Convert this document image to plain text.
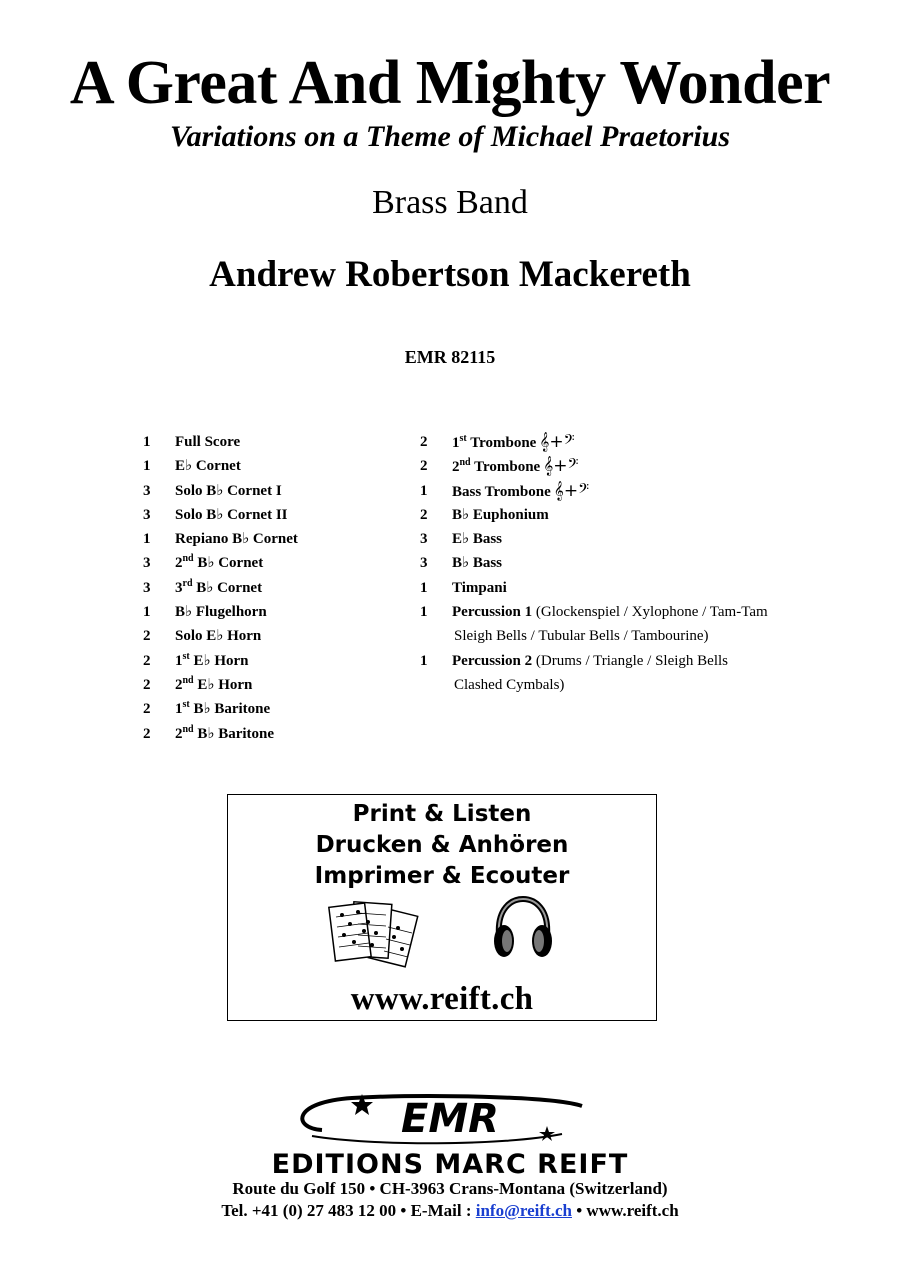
A Great And Mighty Wonder
Variations on a Theme of Michael Praetorius
Brass Band
Andrew Robertson Mackereth
EMR 82115
1 Full Score
1 E♭ Cornet
3 Solo B♭ Cornet I
3 Solo B♭ Cornet II
1 Repiano B♭ Cornet
3 2nd B♭ Cornet
3 3rd B♭ Cornet
1 B♭ Flugelhorn
2 Solo E♭ Horn
2 1st E♭ Horn
2 2nd E♭ Horn
2 1st B♭ Baritone
2 2nd B♭ Baritone
2 1st Trombone 𝄞+𝄢
2 2nd Trombone 𝄞+𝄢
1 Bass Trombone 𝄞+𝄢
2 B♭ Euphonium
3 E♭ Bass
3 B♭ Bass
1 Timpani
1 Percussion 1 (Glockenspiel / Xylophone / Tam-Tam
Sleigh Bells / Tubular Bells / Tambourine)
1 Percussion 2 (Drums / Triangle / Sleigh Bells
Clashed Cymbals)
Print & Listen
Drucken & Anhören
Imprimer & Ecouter
www.reift.ch
EMR
EDITIONS MARC REIFT
Route du Golf 150 • CH-3963 Crans-Montana (Switzerland)
Tel. +41 (0) 27 483 12 00 • E-Mail : info@reift.ch • www.reift.ch
